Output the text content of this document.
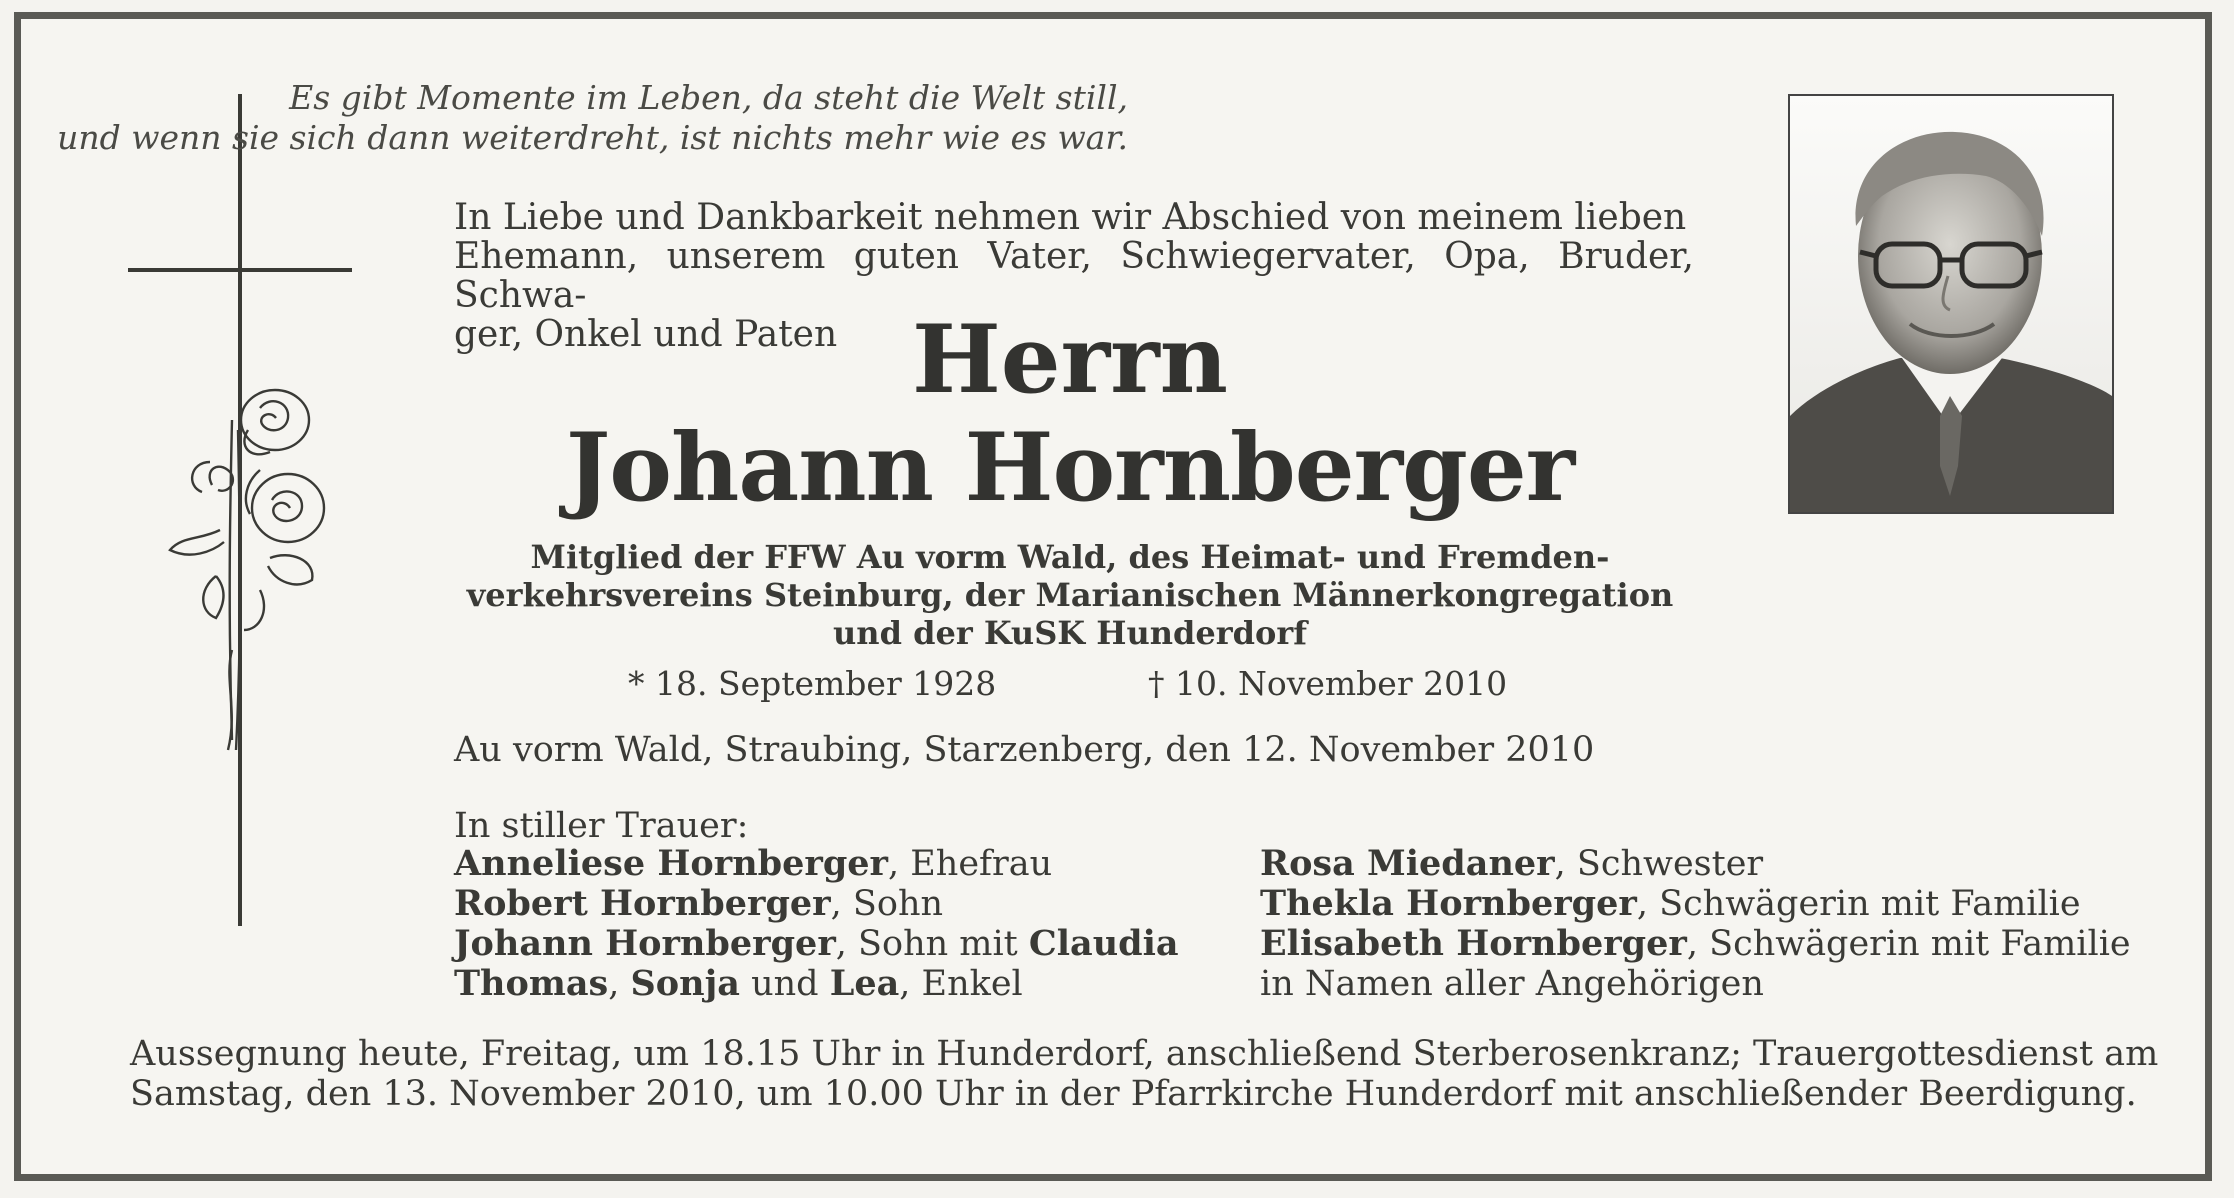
Es gibt Momente im Leben, da steht die Welt still,
und wenn sie sich dann weiterdreht, ist nichts mehr wie es war.
In Liebe und Dankbarkeit nehmen wir Abschied von meinem lieben
Ehemann, unserem guten Vater, Schwiegervater, Opa, Bruder, Schwa-
ger, Onkel und Paten Herrn
Johann Hornberger
Mitglied der FFW Au vorm Wald, des Heimat- und Fremden-
verkehrsvereins Steinburg, der Marianischen Männerkongregation
und der KuSK Hunderdorf
* 18. September 1928	† 10. November 2010
Au vorm Wald, Straubing, Starzenberg, den 12. November 2010
In stiller Trauer:
Anneliese Hornberger, Ehefrau
Robert Hornberger, Sohn
Johann Hornberger, Sohn mit Claudia
Thomas, Sonja und Lea, Enkel
Rosa Miedaner, Schwester
Thekla Hornberger, Schwägerin mit Familie
Elisabeth Hornberger, Schwägerin mit Familie
in Namen aller Angehörigen
Aussegnung heute, Freitag, um 18.15 Uhr in Hunderdorf, anschließend Sterberosenkranz; Trauergottesdienst am
Samstag, den 13. November 2010, um 10.00 Uhr in der Pfarrkirche Hunderdorf mit anschließender Beerdigung.
